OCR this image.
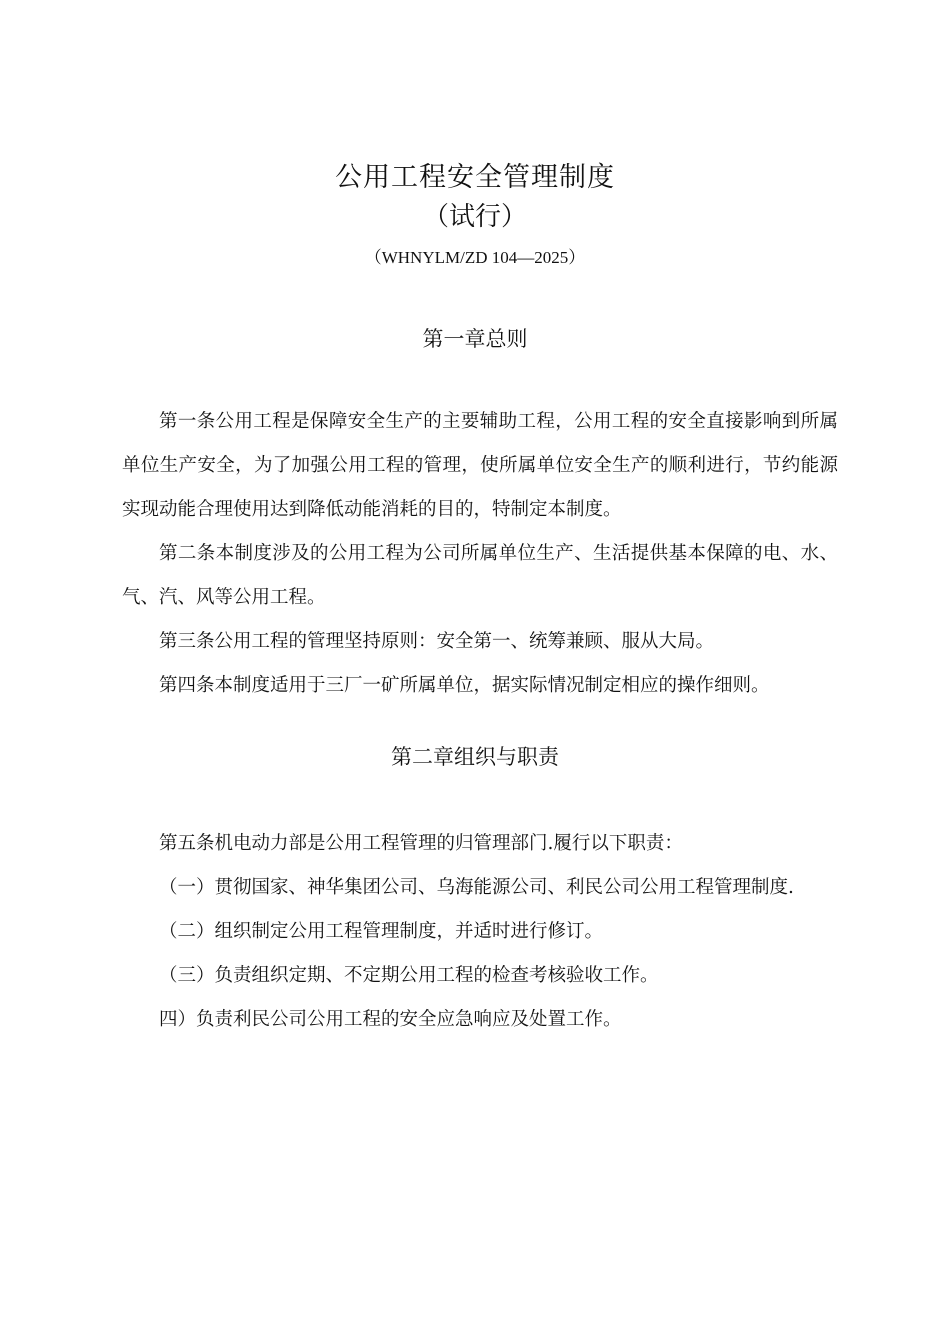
公用工程安全管理制度
（试行）
（WHNYLM/ZD 104—2025）
第一章总则

第一条公用工程是保障安全生产的主要辅助工程，公用工程的安全直接影响到所属单位生产安全，为了加强公用工程的管理，使所属单位安全生产的顺利进行，节约能源实现动能合理使用达到降低动能消耗的目的，特制定本制度。

第二条本制度涉及的公用工程为公司所属单位生产、生活提供基本保障的电、水、气、汽、风等公用工程。

第三条公用工程的管理坚持原则：安全第一、统筹兼顾、服从大局。

第四条本制度适用于三厂一矿所属单位，据实际情况制定相应的操作细则。

第二章组织与职责

第五条机电动力部是公用工程管理的归管理部门.履行以下职责：

（一）贯彻国家、神华集团公司、乌海能源公司、利民公司公用工程管理制度.

（二）组织制定公用工程管理制度，并适时进行修订。

（三）负责组织定期、不定期公用工程的检查考核验收工作。

四）负责利民公司公用工程的安全应急响应及处置工作。
